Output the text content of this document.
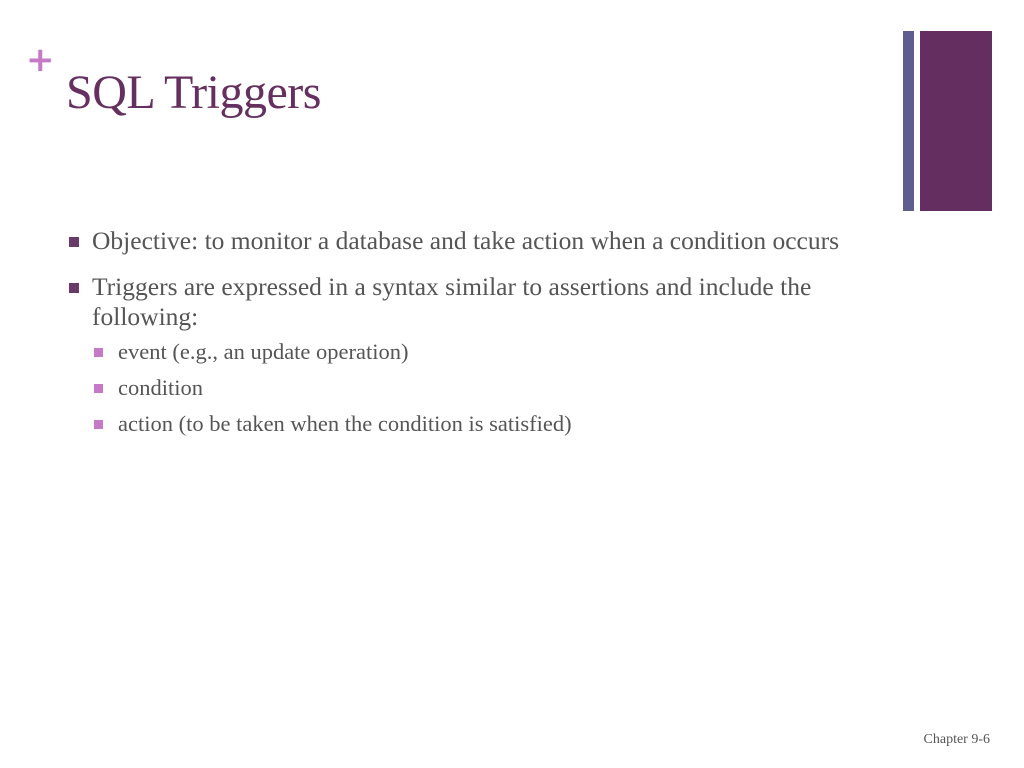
+
SQL Triggers
Objective: to monitor a database and take action when a condition occurs
Triggers are expressed in a syntax similar to assertions and include the following:
event (e.g., an update operation)
condition
action (to be taken when the condition is satisfied)
Chapter 9-6
